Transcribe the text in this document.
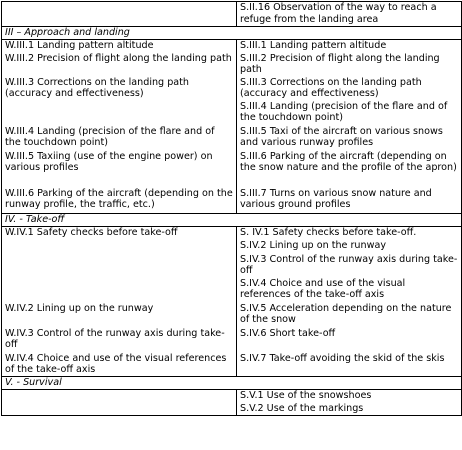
	S.II.16 Observation of the way to reach a refuge from the landing area
III – Approach and landing	
W.III.1 Landing pattern altitude	S.III.1 Landing pattern altitude
W.III.2 Precision of flight along the landing path	S.III.2 Precision of flight along the landing path
W.III.3 Corrections on the landing path (accuracy and effectiveness)	S.III.3 Corrections on the landing path (accuracy and effectiveness)
	S.III.4 Landing (precision of the flare and of the touchdown point)
W.III.4 Landing (precision of the flare and of the touchdown point)	S.III.5 Taxi of the aircraft on various snows and various runway profiles
W.III.5 Taxiing (use of the engine power) on various profiles	S.III.6 Parking of the aircraft (depending on the snow nature and the profile of the apron)
W.III.6 Parking of the aircraft (depending on the runway profile, the traffic, etc.)	S.III.7 Turns on various snow nature and various ground profiles
IV. - Take-off	
W.IV.1 Safety checks before take-off	S. IV.1 Safety checks before take-off.
	S.IV.2 Lining up on the runway
	S.IV.3 Control of the runway axis during take-off
	S.IV.4 Choice and use of the visual references of the take-off axis
W.IV.2 Lining up on the runway	S.IV.5 Acceleration depending on the nature of the snow
W.IV.3 Control of the runway axis during take-off	S.IV.6 Short take-off
W.IV.4 Choice and use of the visual references of the take-off axis	S.IV.7 Take-off avoiding the skid of the skis
V. - Survival	
	S.V.1 Use of the snowshoes
	S.V.2 Use of the markings
